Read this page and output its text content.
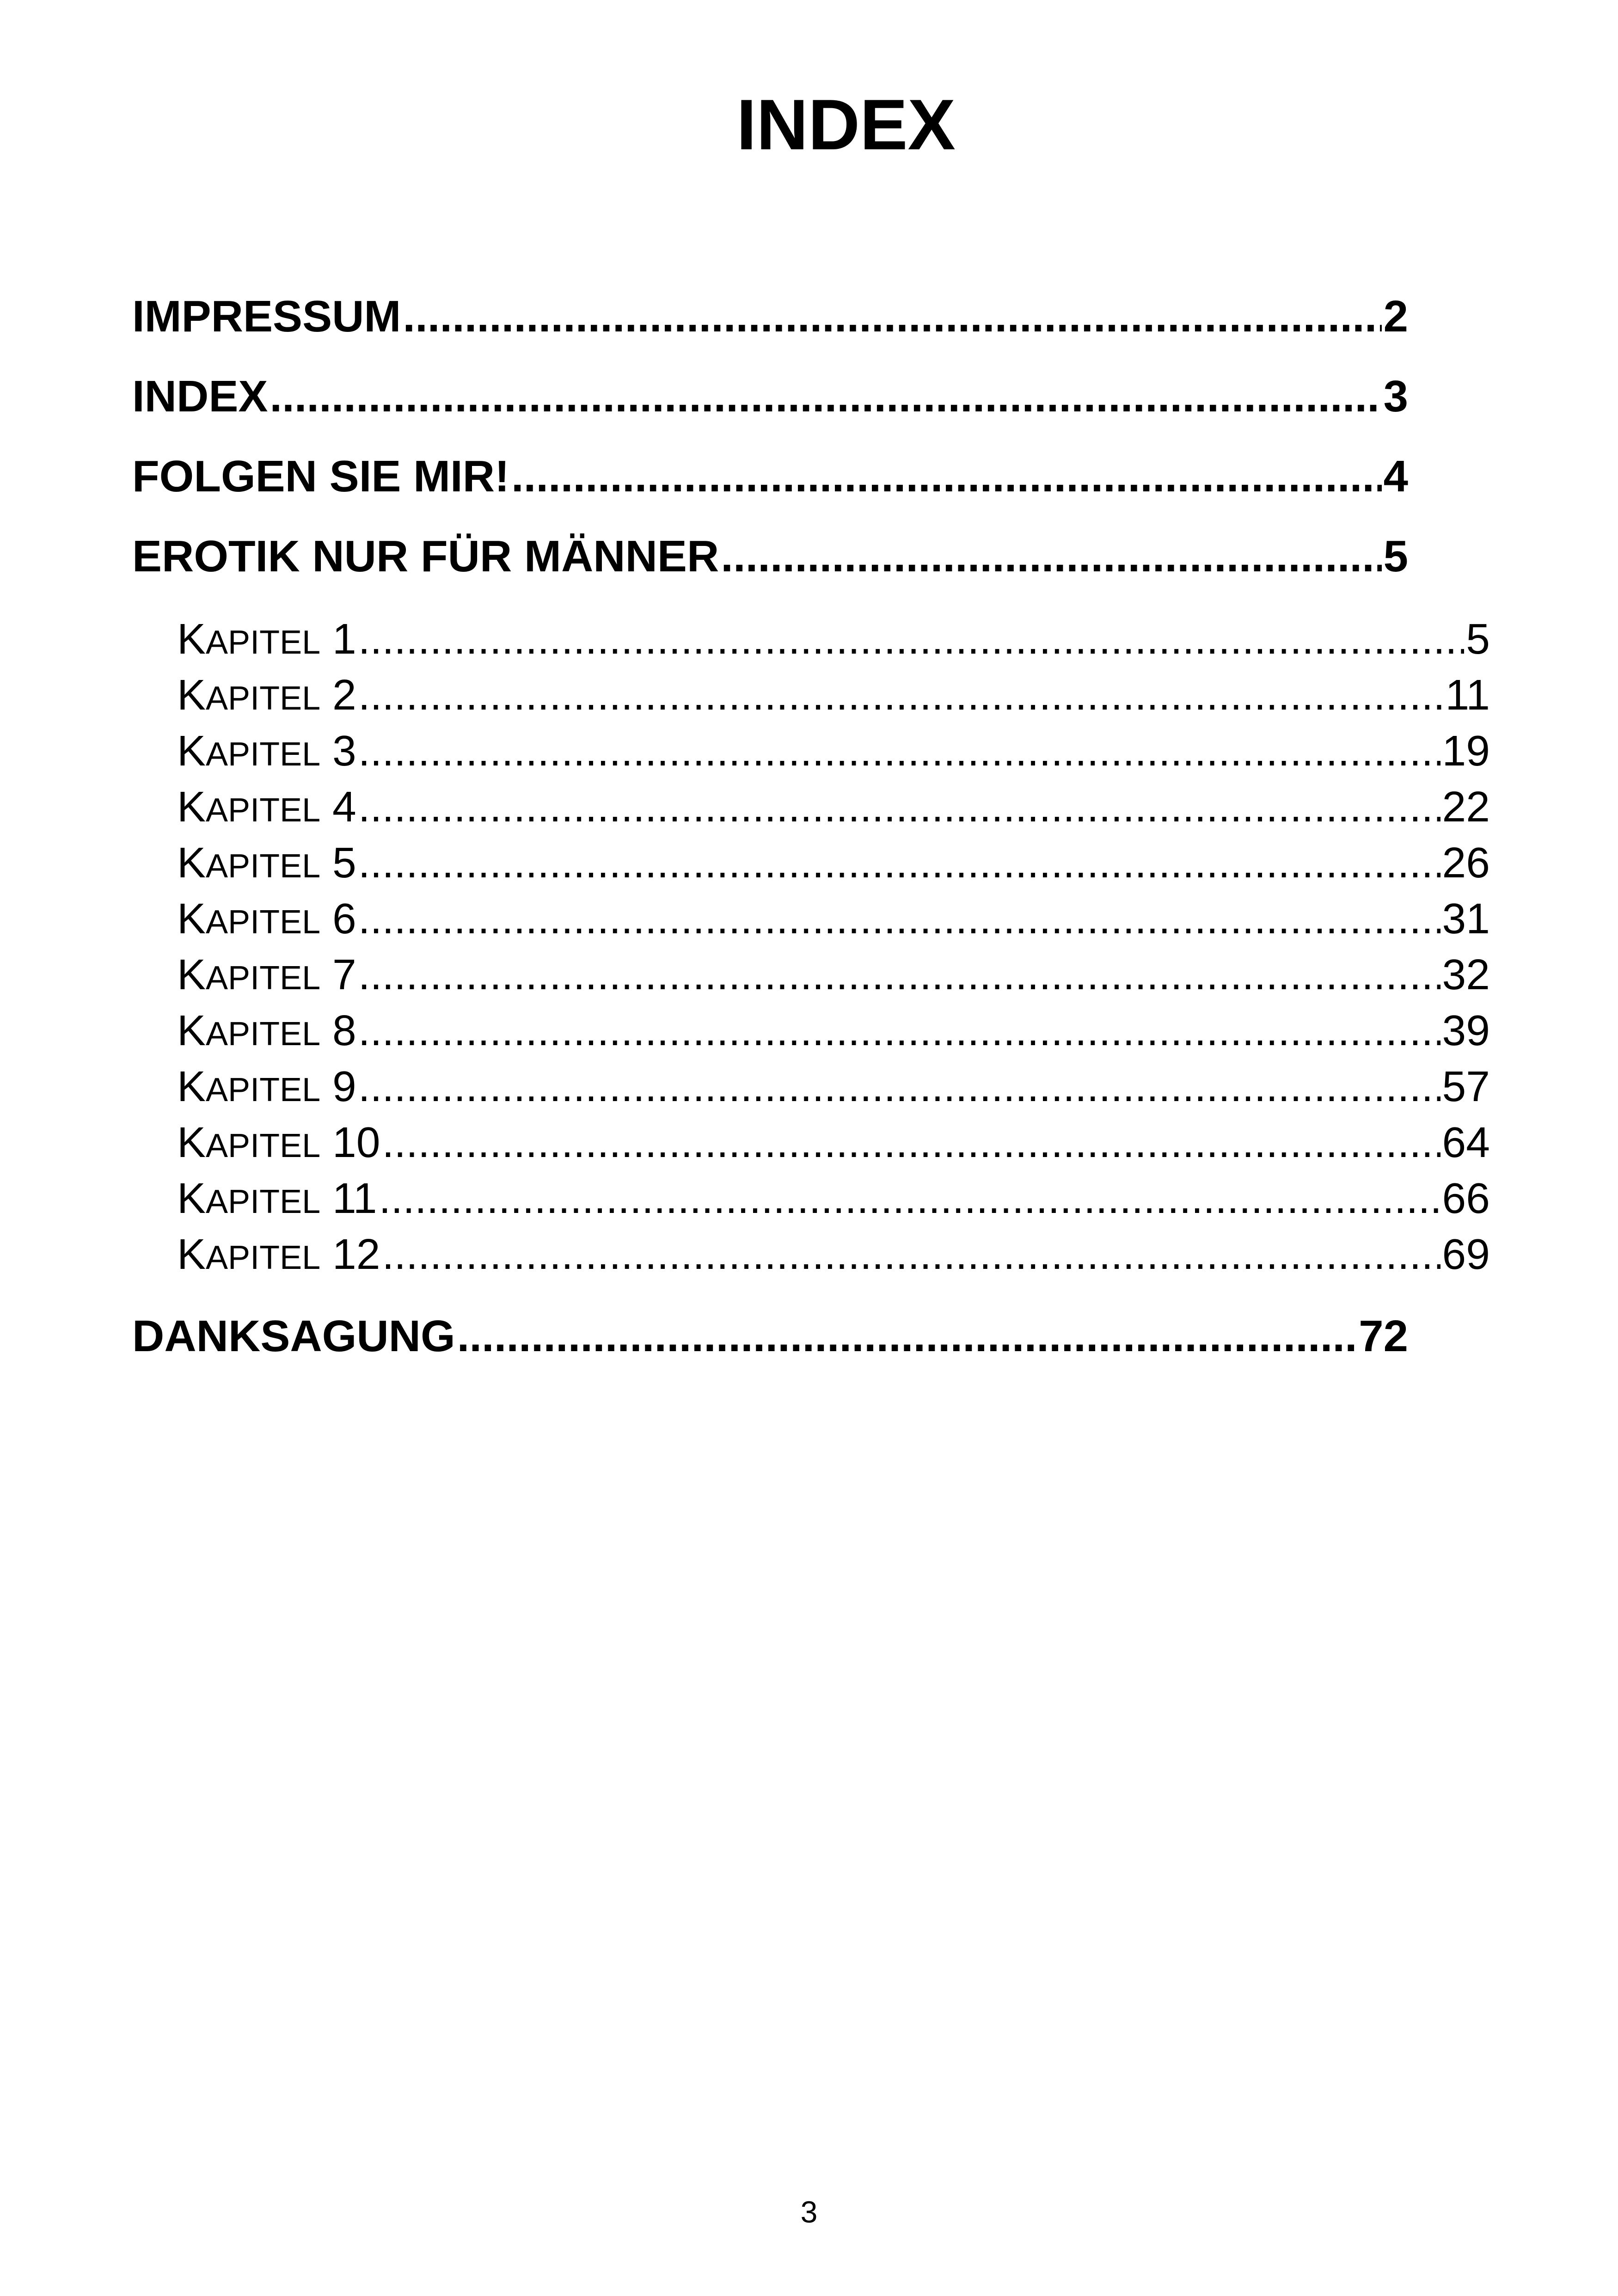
INDEX
IMPRESSUM .....	2
INDEX .....	3
FOLGEN SIE MIR! .....	4
EROTIK NUR FÜR MÄNNER .....	5
KAPITEL 1 .....	5
KAPITEL 2 .....	11
KAPITEL 3 .....	19
KAPITEL 4 .....	22
KAPITEL 5 .....	26
KAPITEL 6 .....	31
KAPITEL 7 .....	32
KAPITEL 8 .....	39
KAPITEL 9 .....	57
KAPITEL 10 .....	64
KAPITEL 11 .....	66
KAPITEL 12 .....	69
DANKSAGUNG .....	72
3
